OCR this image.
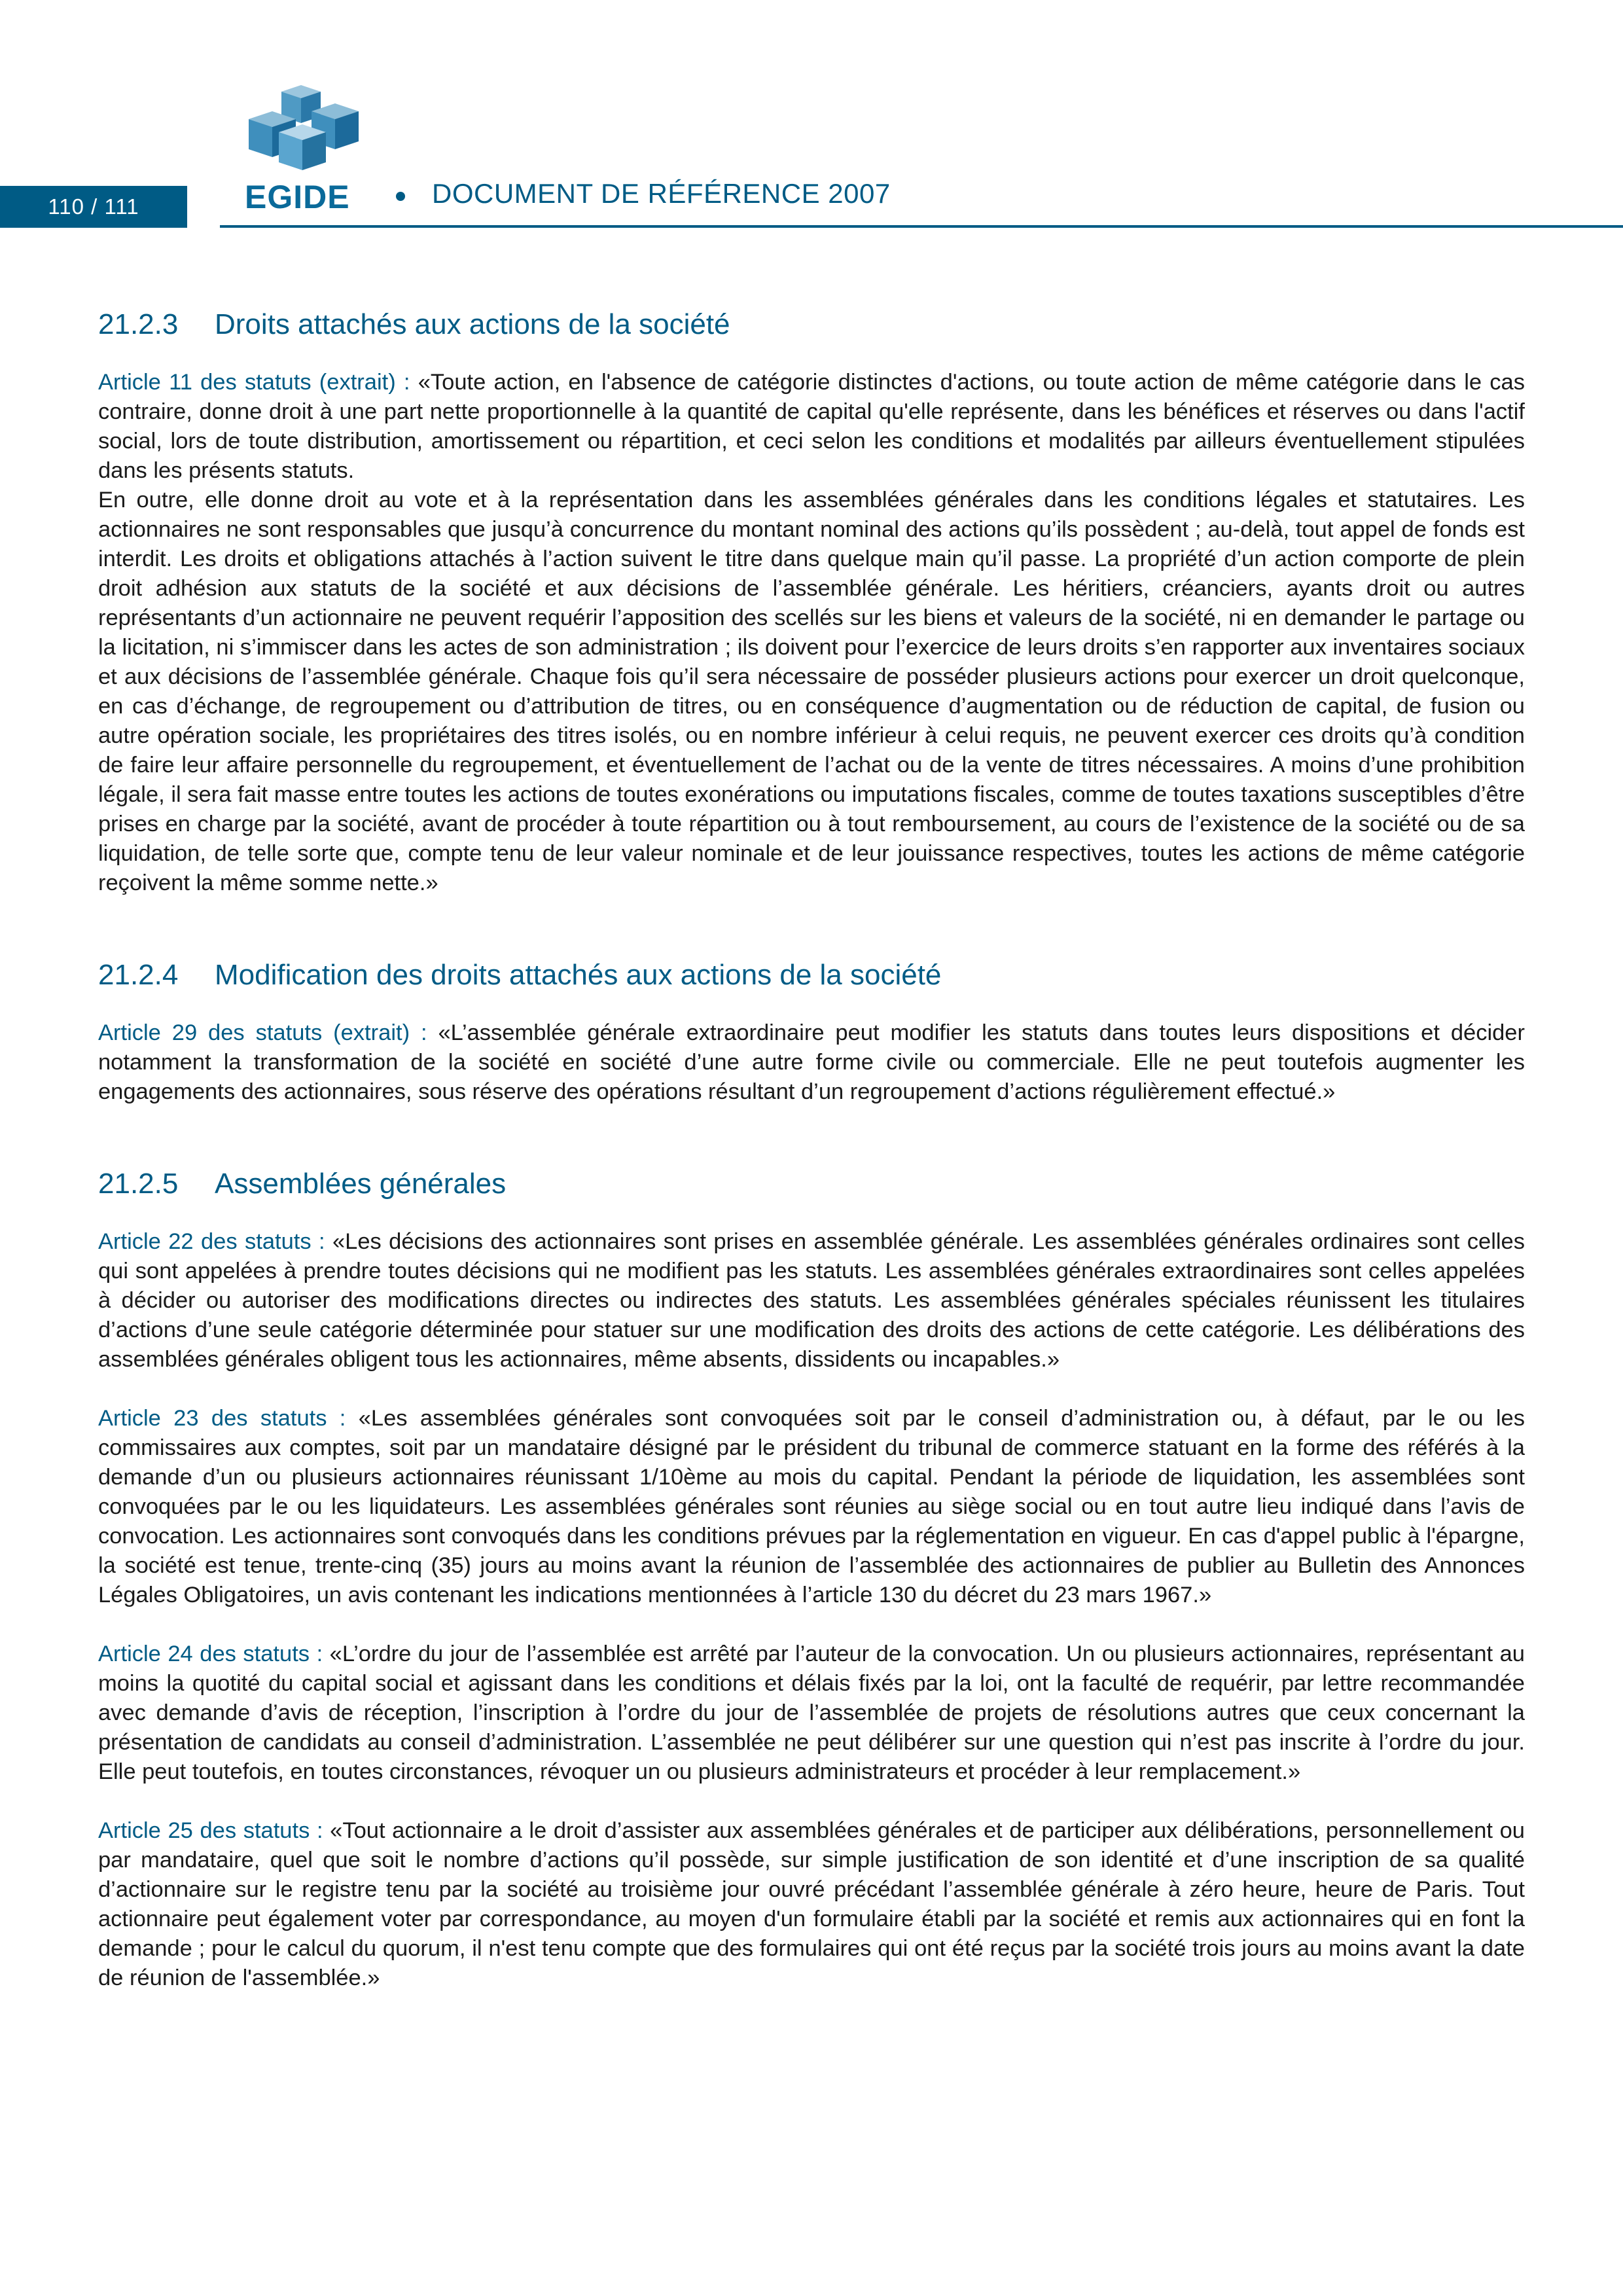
110 / 111	EGIDE	DOCUMENT DE RÉFÉRENCE 2007
21.2.3 Droits attachés aux actions de la société

Article 11 des statuts (extrait) : «Toute action, en l'absence de catégorie distinctes d'actions, ou toute action de même catégorie dans le cas contraire, donne droit à une part nette proportionnelle à la quantité de capital qu'elle représente, dans les bénéfices et réserves ou dans l'actif social, lors de toute distribution, amortissement ou répartition, et ceci selon les conditions et modalités par ailleurs éventuellement stipulées dans les présents statuts.

En outre, elle donne droit au vote et à la représentation dans les assemblées générales dans les conditions légales et statutaires. Les actionnaires ne sont responsables que jusqu’à concurrence du montant nominal des actions qu’ils possèdent ; au-delà, tout appel de fonds est interdit. Les droits et obligations attachés à l’action suivent le titre dans quelque main qu’il passe. La propriété d’un action comporte de plein droit adhésion aux statuts de la société et aux décisions de l’assemblée générale. Les héritiers, créanciers, ayants droit ou autres représentants d’un actionnaire ne peuvent requérir l’apposition des scellés sur les biens et valeurs de la société, ni en demander le partage ou la licitation, ni s’immiscer dans les actes de son administration ; ils doivent pour l’exercice de leurs droits s’en rapporter aux inventaires sociaux et aux décisions de l’assemblée générale. Chaque fois qu’il sera nécessaire de posséder plusieurs actions pour exercer un droit quelconque, en cas d’échange, de regroupement ou d’attribution de titres, ou en conséquence d’augmentation ou de réduction de capital, de fusion ou autre opération sociale, les propriétaires des titres isolés, ou en nombre inférieur à celui requis, ne peuvent exercer ces droits qu’à condition de faire leur affaire personnelle du regroupement, et éventuellement de l’achat ou de la vente de titres nécessaires. A moins d’une prohibition légale, il sera fait masse entre toutes les actions de toutes exonérations ou imputations fiscales, comme de toutes taxations susceptibles d’être prises en charge par la société, avant de procéder à toute répartition ou à tout remboursement, au cours de l’existence de la société ou de sa liquidation, de telle sorte que, compte tenu de leur valeur nominale et de leur jouissance respectives, toutes les actions de même catégorie reçoivent la même somme nette.»

21.2.4 Modification des droits attachés aux actions de la société

Article 29 des statuts (extrait) : «L’assemblée générale extraordinaire peut modifier les statuts dans toutes leurs dispositions et décider notamment la transformation de la société en société d’une autre forme civile ou commerciale. Elle ne peut toutefois augmenter les engagements des actionnaires, sous réserve des opérations résultant d’un regroupement d’actions régulièrement effectué.»

21.2.5 Assemblées générales

Article 22 des statuts : «Les décisions des actionnaires sont prises en assemblée générale. Les assemblées générales ordinaires sont celles qui sont appelées à prendre toutes décisions qui ne modifient pas les statuts. Les assemblées générales extraordinaires sont celles appelées à décider ou autoriser des modifications directes ou indirectes des statuts. Les assemblées générales spéciales réunissent les titulaires d’actions d’une seule catégorie déterminée pour statuer sur une modification des droits des actions de cette catégorie. Les délibérations des assemblées générales obligent tous les actionnaires, même absents, dissidents ou incapables.»

Article 23 des statuts : «Les assemblées générales sont convoquées soit par le conseil d’administration ou, à défaut, par le ou les commissaires aux comptes, soit par un mandataire désigné par le président du tribunal de commerce statuant en la forme des référés à la demande d’un ou plusieurs actionnaires réunissant 1/10ème au mois du capital. Pendant la période de liquidation, les assemblées sont convoquées par le ou les liquidateurs. Les assemblées générales sont réunies au siège social ou en tout autre lieu indiqué dans l’avis de convocation. Les actionnaires sont convoqués dans les conditions prévues par la réglementation en vigueur. En cas d'appel public à l'épargne, la société est tenue, trente-cinq (35) jours au moins avant la réunion de l’assemblée des actionnaires de publier au Bulletin des Annonces Légales Obligatoires, un avis contenant les indications mentionnées à l’article 130 du décret du 23 mars 1967.»

Article 24 des statuts : «L’ordre du jour de l’assemblée est arrêté par l’auteur de la convocation. Un ou plusieurs actionnaires, représentant au moins la quotité du capital social et agissant dans les conditions et délais fixés par la loi, ont la faculté de requérir, par lettre recommandée avec demande d’avis de réception, l’inscription à l’ordre du jour de l’assemblée de projets de résolutions autres que ceux concernant la présentation de candidats au conseil d’administration. L’assemblée ne peut délibérer sur une question qui n’est pas inscrite à l’ordre du jour. Elle peut toutefois, en toutes circonstances, révoquer un ou plusieurs administrateurs et procéder à leur remplacement.»

Article 25 des statuts : «Tout actionnaire a le droit d’assister aux assemblées générales et de participer aux délibérations, personnellement ou par mandataire, quel que soit le nombre d’actions qu’il possède, sur simple justification de son identité et d’une inscription de sa qualité d’actionnaire sur le registre tenu par la société au troisième jour ouvré précédant l’assemblée générale à zéro heure, heure de Paris. Tout actionnaire peut également voter par correspondance, au moyen d'un formulaire établi par la société et remis aux actionnaires qui en font la demande ; pour le calcul du quorum, il n'est tenu compte que des formulaires qui ont été reçus par la société trois jours au moins avant la date de réunion de l'assemblée.»
